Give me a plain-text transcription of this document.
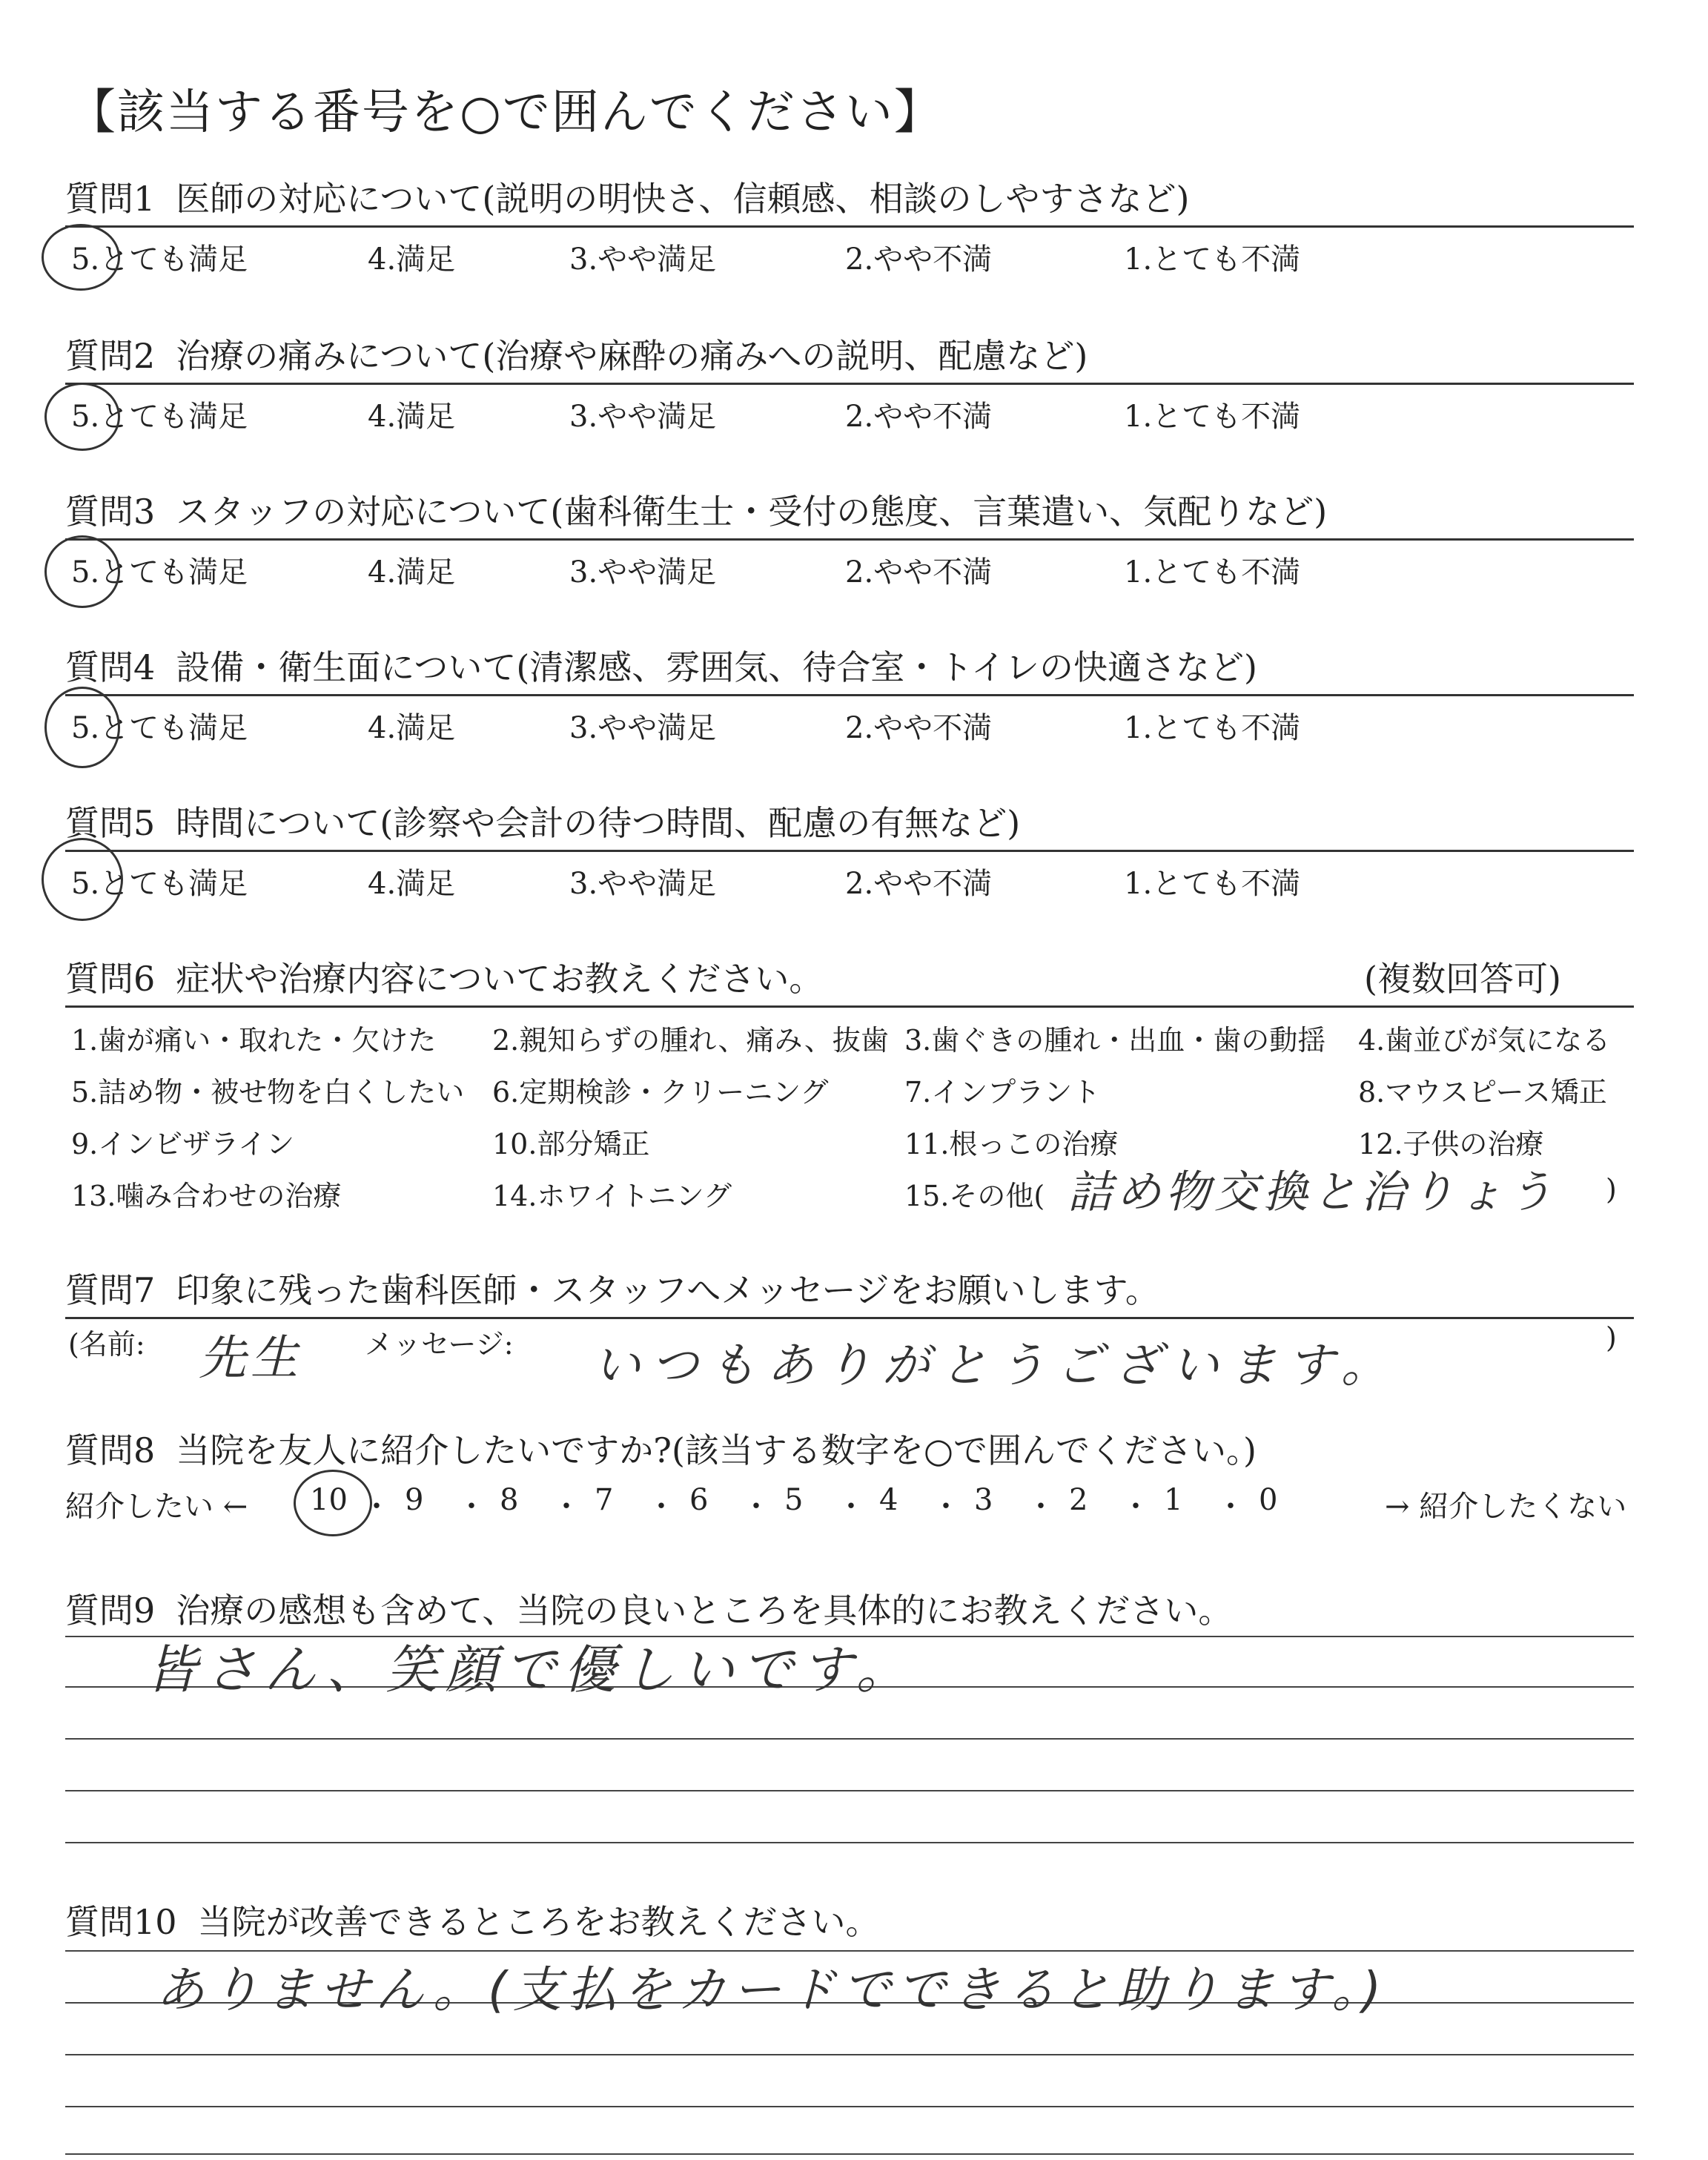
【該当する番号を○で囲んでください】
質問1 医師の対応について(説明の明快さ、信頼感、相談のしやすさなど)
5.とても満足	4.満足	3.やや満足	2.やや不満	1.とても不満
質問2 治療の痛みについて(治療や麻酔の痛みへの説明、配慮など)
5.とても満足	4.満足	3.やや満足	2.やや不満	1.とても不満
質問3 スタッフの対応について(歯科衛生士・受付の態度、言葉遣い、気配りなど)
5.とても満足	4.満足	3.やや満足	2.やや不満	1.とても不満
質問4 設備・衛生面について(清潔感、雰囲気、待合室・トイレの快適さなど)
5.とても満足	4.満足	3.やや満足	2.やや不満	1.とても不満
質問5 時間について(診察や会計の待つ時間、配慮の有無など)
5.とても満足	4.満足	3.やや満足	2.やや不満	1.とても不満
質問6 症状や治療内容についてお教えください。	(複数回答可)
1.歯が痛い・取れた・欠けた 2.親知らずの腫れ、痛み、抜歯 3.歯ぐきの腫れ・出血・歯の動揺 4.歯並びが気になる
5.詰め物・被せ物を白くしたい 6.定期検診・クリーニング	7.インプラント	8.マウスピース矯正
9.インビザライン	10.部分矯正	11.根っこの治療	12.子供の治療
13.噛み合わせの治療	14.ホワイトニング	15.その他(	)
詰め物交換と治りょう
質問7 印象に残った歯科医師・スタッフへメッセージをお願いします。
(名前:	メッセージ:	)
先生	いつもありがとうございます。
質問8 当院を友人に紹介したいですか?(該当する数字を○で囲んでください。)
紹介したい ←	→ 紹介したくない
10 ・ 9 ・ 8 ・ 7 ・ 6 ・ 5 ・ 4 ・ 3 ・ 2 ・ 1 ・ 0
質問9 治療の感想も含めて、当院の良いところを具体的にお教えください。
皆さん、笑顔で優しいです。
質問10 当院が改善できるところをお教えください。
ありません。(支払をカードでできると助ります。)
